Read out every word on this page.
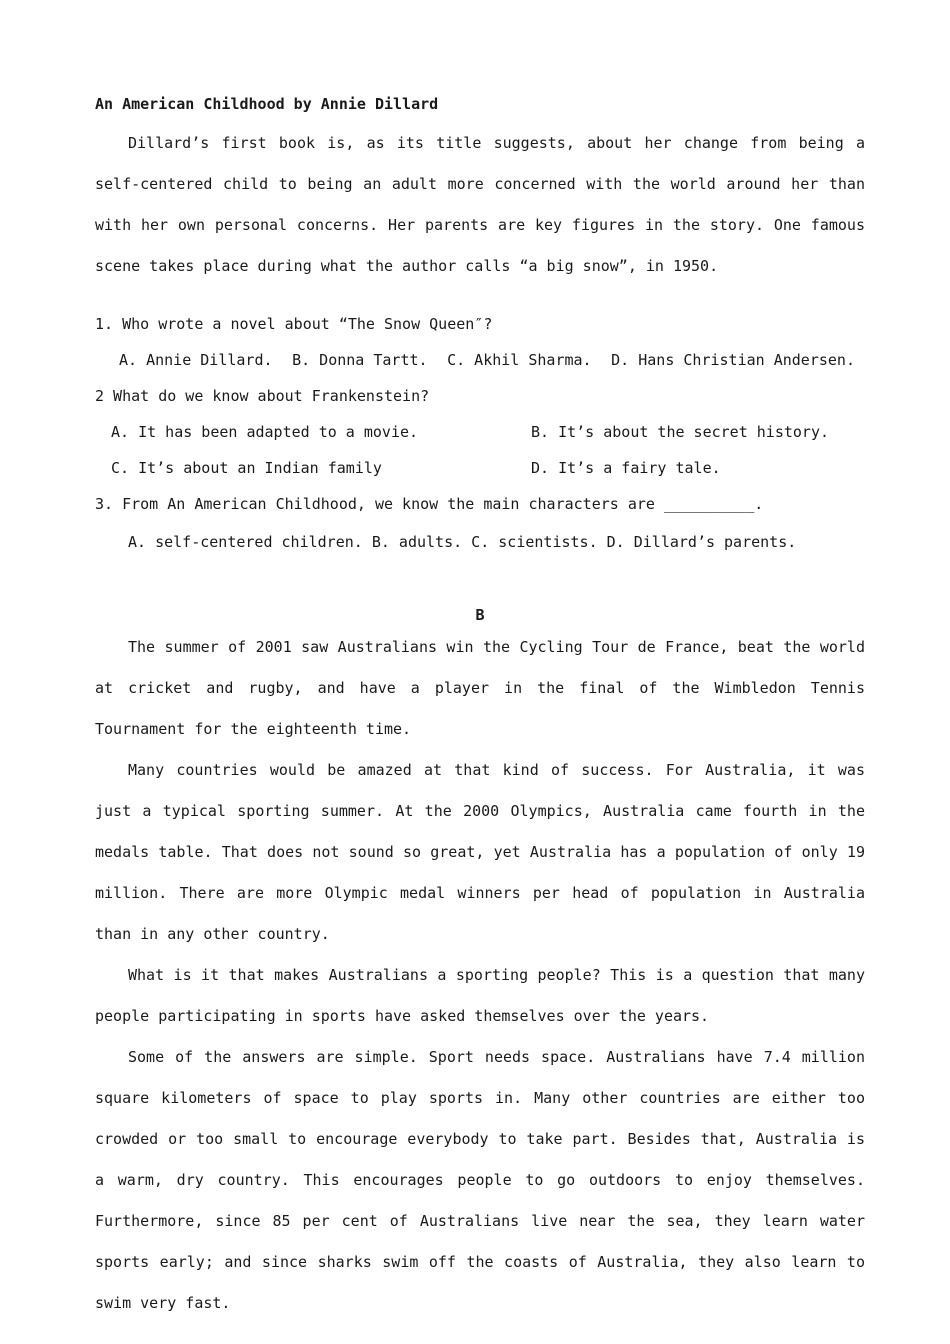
An American Childhood by Annie Dillard

Dillard’s first book is, as its title suggests, about her change from being a self-centered child to being an adult more concerned with the world around her than with her own personal concerns. Her parents are key figures in the story. One famous scene takes place during what the author calls “a big snow”, in 1950.

1. Who wrote a novel about “The Snow Queen″?

A. Annie Dillard. B. Donna Tartt. C. Akhil Sharma. D. Hans Christian Andersen.

2 What do we know about Frankenstein?

A. It has been adapted to a movie.	B. It’s about the secret history.
C. It’s about an Indian family	D. It’s a fairy tale.

3. From An American Childhood, we know the main characters are __________.

A. self-centered children. B. adults. C. scientists. D. Dillard’s parents.

B

The summer of 2001 saw Australians win the Cycling Tour de France, beat the world at cricket and rugby, and have a player in the final of the Wimbledon Tennis Tournament for the eighteenth time.

Many countries would be amazed at that kind of success. For Australia, it was just a typical sporting summer. At the 2000 Olympics, Australia came fourth in the medals table. That does not sound so great, yet Australia has a population of only 19 million. There are more Olympic medal winners per head of population in Australia than in any other country.

What is it that makes Australians a sporting people? This is a question that many people participating in sports have asked themselves over the years.

Some of the answers are simple. Sport needs space. Australians have 7.4 million square kilometers of space to play sports in. Many other countries are either too crowded or too small to encourage everybody to take part. Besides that, Australia is a warm, dry country. This encourages people to go outdoors to enjoy themselves. Furthermore, since 85 per cent of Australians live near the sea, they learn water sports early; and since sharks swim off the coasts of Australia, they also learn to swim very fast.
